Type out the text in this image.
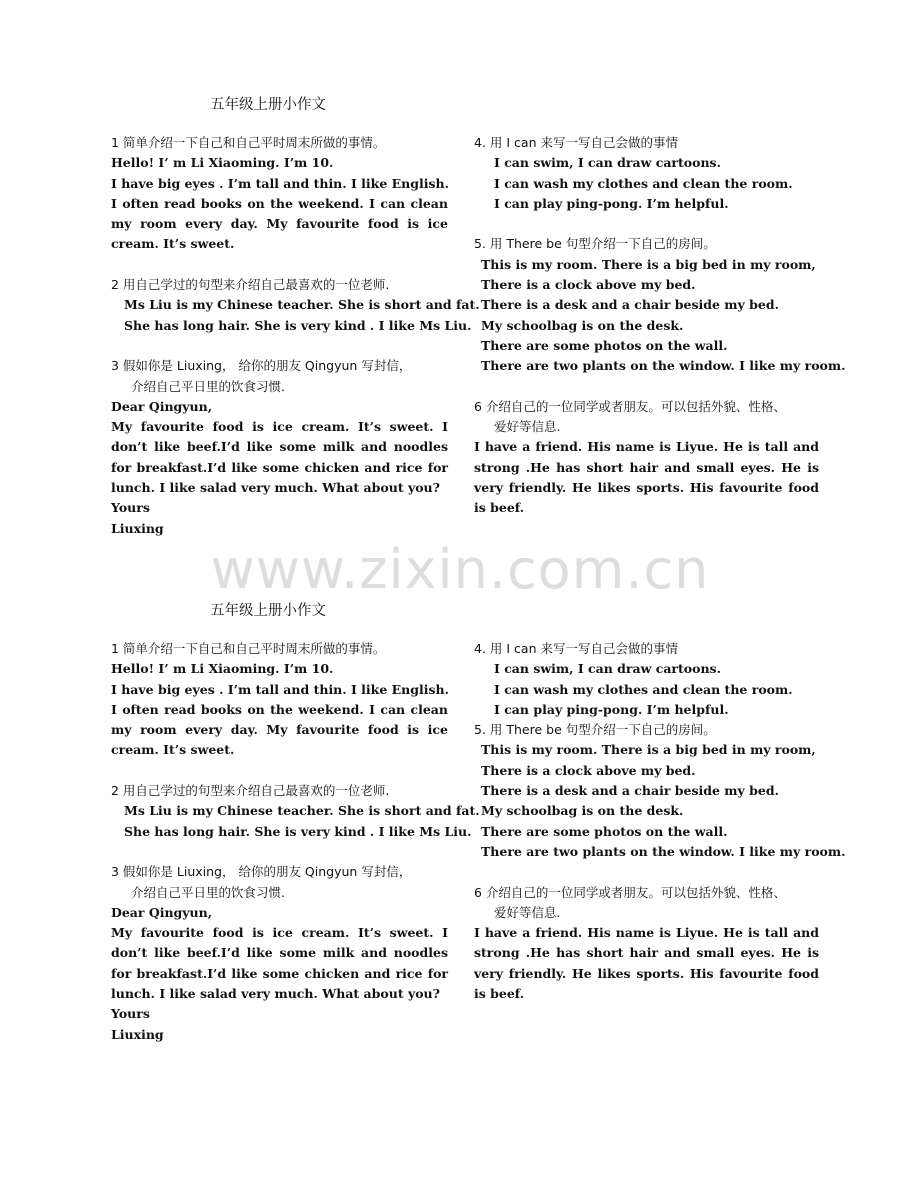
五年级上册小作文

1 简单介绍一下自己和自己平时周末所做的事情。

Hello! I’ m Li Xiaoming. I’m 10.

I have big eyes . I’m tall and thin. I like English.

I often read books on the weekend. I can clean my room every day. My favourite food is ice cream. It’s sweet.

2 用自己学过的句型来介绍自己最喜欢的一位老师.

Ms Liu is my Chinese teacher. She is short and fat.

She has long hair. She is very kind . I like Ms Liu.

3 假如你是 Liuxing， 给你的朋友 Qingyun 写封信，

介绍自己平日里的饮食习惯.

Dear Qingyun,

My favourite food is ice cream. It’s sweet. I don’t like beef.I’d like some milk and noodles for breakfast.I’d like some chicken and rice for lunch. I like salad very much. What about you?

Yours

Liuxing

4. 用 I can 来写一写自己会做的事情

I can swim, I can draw cartoons.

I can wash my clothes and clean the room.

I can play ping-pong. I’m helpful.

5. 用 There be 句型介绍一下自己的房间。

This is my room. There is a big bed in my room,

There is a clock above my bed.

There is a desk and a chair beside my bed.

My schoolbag is on the desk.

There are some photos on the wall.

There are two plants on the window. I like my room.

6 介绍自己的一位同学或者朋友。可以包括外貌、性格、

爱好等信息.

I have a friend. His name is Liyue. He is tall and strong .He has short hair and small eyes. He is very friendly. He likes sports. His favourite food is beef.

www.zixin.com.cn
五年级上册小作文

1 简单介绍一下自己和自己平时周末所做的事情。

Hello! I’ m Li Xiaoming. I’m 10.

I have big eyes . I’m tall and thin. I like English.

I often read books on the weekend. I can clean my room every day. My favourite food is ice cream. It’s sweet.

2 用自己学过的句型来介绍自己最喜欢的一位老师.

Ms Liu is my Chinese teacher. She is short and fat.

She has long hair. She is very kind . I like Ms Liu.

3 假如你是 Liuxing， 给你的朋友 Qingyun 写封信，

介绍自己平日里的饮食习惯.

Dear Qingyun,

My favourite food is ice cream. It’s sweet. I don’t like beef.I’d like some milk and noodles for breakfast.I’d like some chicken and rice for lunch. I like salad very much. What about you?

Yours

Liuxing

4. 用 I can 来写一写自己会做的事情

I can swim, I can draw cartoons.

I can wash my clothes and clean the room.

I can play ping-pong. I’m helpful.

5. 用 There be 句型介绍一下自己的房间。

This is my room. There is a big bed in my room,

There is a clock above my bed.

There is a desk and a chair beside my bed.

My schoolbag is on the desk.

There are some photos on the wall.

There are two plants on the window. I like my room.

6 介绍自己的一位同学或者朋友。可以包括外貌、性格、

爱好等信息.

I have a friend. His name is Liyue. He is tall and strong .He has short hair and small eyes. He is very friendly. He likes sports. His favourite food is beef.
